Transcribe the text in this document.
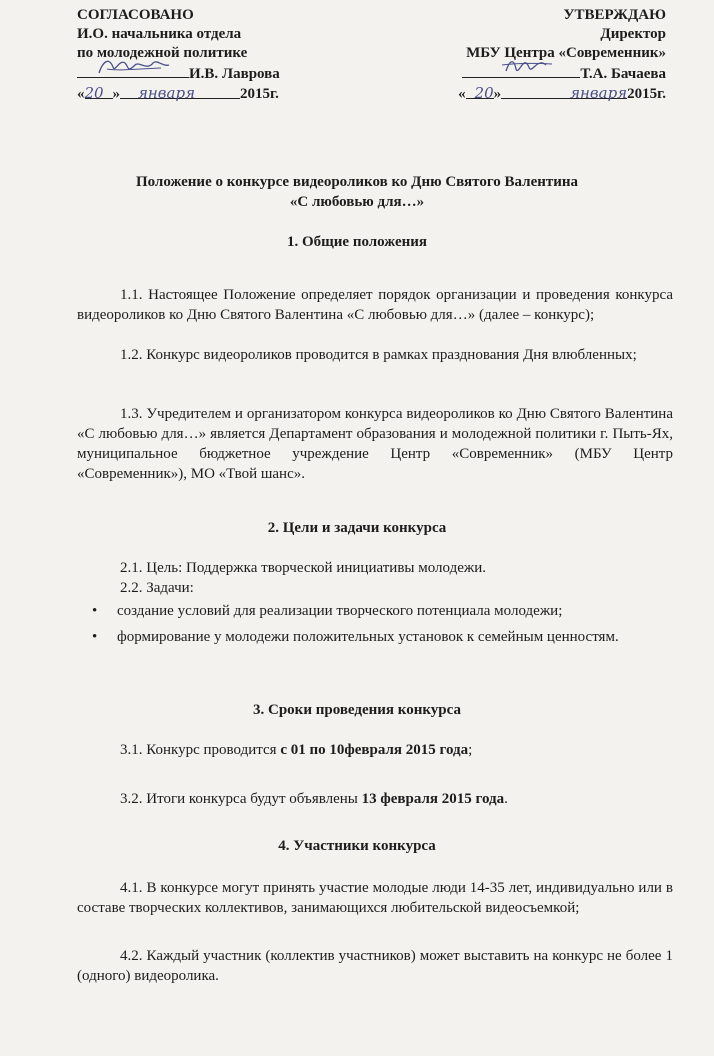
СОГЛАСОВАНО
И.О. начальника отдела
по молодежной политике
И.В. Лаврова
«20 » января	2015г.
УТВЕРЖДАЮ
Директор
МБУ Центра «Современник»
Т.А. Бачаева
« 20»	января2015г.
Положение о конкурсе видеороликов ко Дню Святого Валентина
«С любовью для…»
1. Общие положения
1.1. Настоящее Положение определяет порядок организации и проведения конкурса видеороликов ко Дню Святого Валентина «С любовью для…» (далее – конкурс);
1.2. Конкурс видеороликов проводится в рамках празднования Дня влюбленных;
1.3. Учредителем и организатором конкурса видеороликов ко Дню Святого Валентина «С любовью для…» является Департамент образования и молодежной политики г. Пыть-Ях, муниципальное бюджетное учреждение Центр «Современник» (МБУ Центр «Современник»), МО «Твой шанс».
2. Цели и задачи конкурса
2.1. Цель: Поддержка творческой инициативы молодежи.
2.2. Задачи:
• создание условий для реализации творческого потенциала молодежи;
• формирование у молодежи положительных установок к семейным ценностям.
3. Сроки проведения конкурса
3.1. Конкурс проводится с 01 по 10февраля 2015 года;
3.2. Итоги конкурса будут объявлены 13 февраля 2015 года.
4. Участники конкурса
4.1. В конкурсе могут принять участие молодые люди 14-35 лет, индивидуально или в составе творческих коллективов, занимающихся любительской видеосъемкой;
4.2. Каждый участник (коллектив участников) может выставить на конкурс не более 1 (одного) видеоролика.
